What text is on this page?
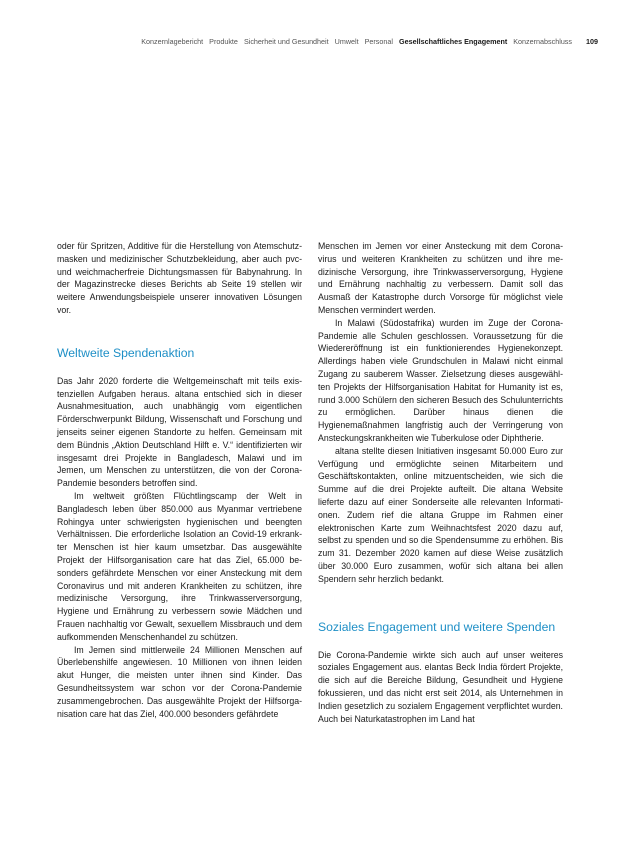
Konzernlagebericht Produkte Sicherheit und Gesundheit Umwelt Personal Gesellschaftliches Engagement Konzernabschluss 109

oder für Spritzen, Additive für die Herstellung von Atemschutzmasken und medizinischer Schutzbekleidung, aber auch pvc- und weichmacherfreie Dichtungsmassen für Babynahrung. In der Magazinstrecke dieses Berichts ab Seite 19 stellen wir weitere Anwendungsbeispiele unserer innovativen Lösungen vor.

Weltweite Spendenaktion

Das Jahr 2020 forderte die Weltgemeinschaft mit teils existenziellen Aufgaben heraus. altana entschied sich in dieser Ausnahmesituation, auch unabhängig vom eigentlichen Förderschwerpunkt Bildung, Wissenschaft und Forschung und jenseits seiner eigenen Standorte zu helfen. Gemeinsam mit dem Bündnis „Aktion Deutschland Hilft e. V.“ identifizierten wir insgesamt drei Projekte in Bangladesch, Malawi und im Jemen, um Menschen zu unterstützen, die von der Corona-Pandemie besonders betroffen sind.

Im weltweit größten Flüchtlingscamp der Welt in Bangladesch leben über 850.000 aus Myanmar vertriebene Rohingya unter schwierigsten hygienischen und beengten Verhältnissen. Die erforderliche Isolation an Covid-19 erkrankter Menschen ist hier kaum umsetzbar. Das ausgewählte Projekt der Hilfsorganisation care hat das Ziel, 65.000 besonders gefährdete Menschen vor einer Ansteckung mit dem Coronavirus und mit anderen Krankheiten zu schützen, ihre medizinische Versorgung, ihre Trinkwasserversorgung, Hygiene und Ernährung zu verbessern sowie Mädchen und Frauen nachhaltig vor Gewalt, sexuellem Missbrauch und dem aufkommenden Menschenhandel zu schützen.

Im Jemen sind mittlerweile 24 Millionen Menschen auf Überlebenshilfe angewiesen. 10 Millionen von ihnen leiden akut Hunger, die meisten unter ihnen sind Kinder. Das Gesundheitssystem war schon vor der Corona-Pandemie zusammengebrochen. Das ausgewählte Projekt der Hilfsorganisation care hat das Ziel, 400.000 besonders gefährdete

Menschen im Jemen vor einer Ansteckung mit dem Coronavirus und weiteren Krankheiten zu schützen und ihre medizinische Versorgung, ihre Trinkwasserversorgung, Hygiene und Ernährung nachhaltig zu verbessern. Damit soll das Ausmaß der Katastrophe durch Vorsorge für möglichst viele Menschen vermindert werden.

In Malawi (Südostafrika) wurden im Zuge der Corona-Pandemie alle Schulen geschlossen. Voraussetzung für die Wiedereröffnung ist ein funktionierendes Hygienekonzept. Allerdings haben viele Grundschulen in Malawi nicht einmal Zugang zu sauberem Wasser. Zielsetzung dieses ausgewählten Projekts der Hilfsorganisation Habitat for Humanity ist es, rund 3.000 Schülern den sicheren Besuch des Schulunterrichts zu ermöglichen. Darüber hinaus dienen die Hygienemaßnahmen langfristig auch der Verringerung von Ansteckungskrankheiten wie Tuberkulose oder Diphtherie.

altana stellte diesen Initiativen insgesamt 50.000 Euro zur Verfügung und ermöglichte seinen Mitarbeitern und Geschäftskontakten, online mitzuentscheiden, wie sich die Summe auf die drei Projekte aufteilt. Die altana Website lieferte dazu auf einer Sonderseite alle relevanten Informationen. Zudem rief die altana Gruppe im Rahmen einer elektronischen Karte zum Weihnachtsfest 2020 dazu auf, selbst zu spenden und so die Spendensumme zu erhöhen. Bis zum 31. Dezember 2020 kamen auf diese Weise zusätzlich über 30.000 Euro zusammen, wofür sich altana bei allen Spendern sehr herzlich bedankt.

Soziales Engagement und weitere Spenden

Die Corona-Pandemie wirkte sich auch auf unser weiteres soziales Engagement aus. elantas Beck India fördert Projekte, die sich auf die Bereiche Bildung, Gesundheit und Hygiene fokussieren, und das nicht erst seit 2014, als Unternehmen in Indien gesetzlich zu sozialem Engagement verpflichtet wurden. Auch bei Naturkatastrophen im Land hat
